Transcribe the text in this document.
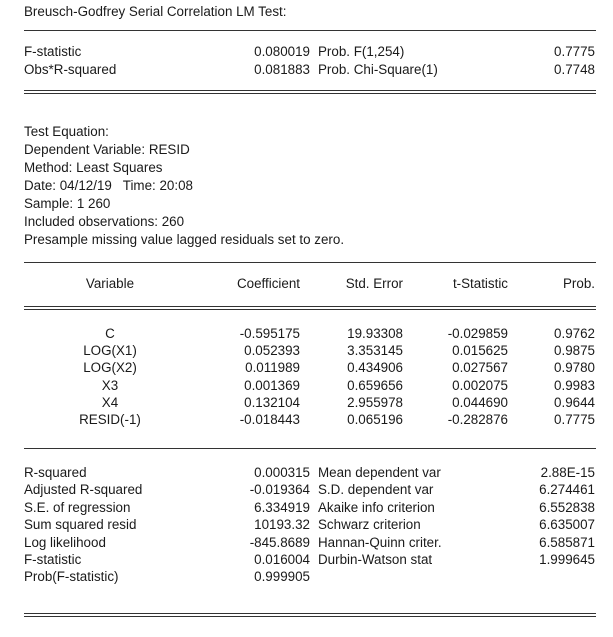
Breusch-Godfrey Serial Correlation LM Test:
F-statistic	0.080019 Prob. F(1,254)	0.7775
Obs*R-squared	0.081883 Prob. Chi-Square(1)	0.7748
Test Equation:
Dependent Variable: RESID
Method: Least Squares
Date: 04/12/19   Time: 20:08
Sample: 1 260
Included observations: 260
Presample missing value lagged residuals set to zero.
Variable	Coefficient	Std. Error	t-Statistic	Prob.
C	-0.595175	19.93308	-0.029859	0.9762
LOG(X1)	0.052393	3.353145	0.015625	0.9875
LOG(X2)	0.011989	0.434906	0.027567	0.9780
X3	0.001369	0.659656	0.002075	0.9983
X4	0.132104	2.955978	0.044690	0.9644
RESID(-1)	-0.018443	0.065196	-0.282876	0.7775
R-squared	0.000315 Mean dependent var	2.88E-15
Adjusted R-squared	-0.019364 S.D. dependent var	6.274461
S.E. of regression	6.334919 Akaike info criterion	6.552838
Sum squared resid	10193.32 Schwarz criterion	6.635007
Log likelihood	-845.8689 Hannan-Quinn criter.	6.585871
F-statistic	0.016004 Durbin-Watson stat	1.999645
Prob(F-statistic)	0.999905
